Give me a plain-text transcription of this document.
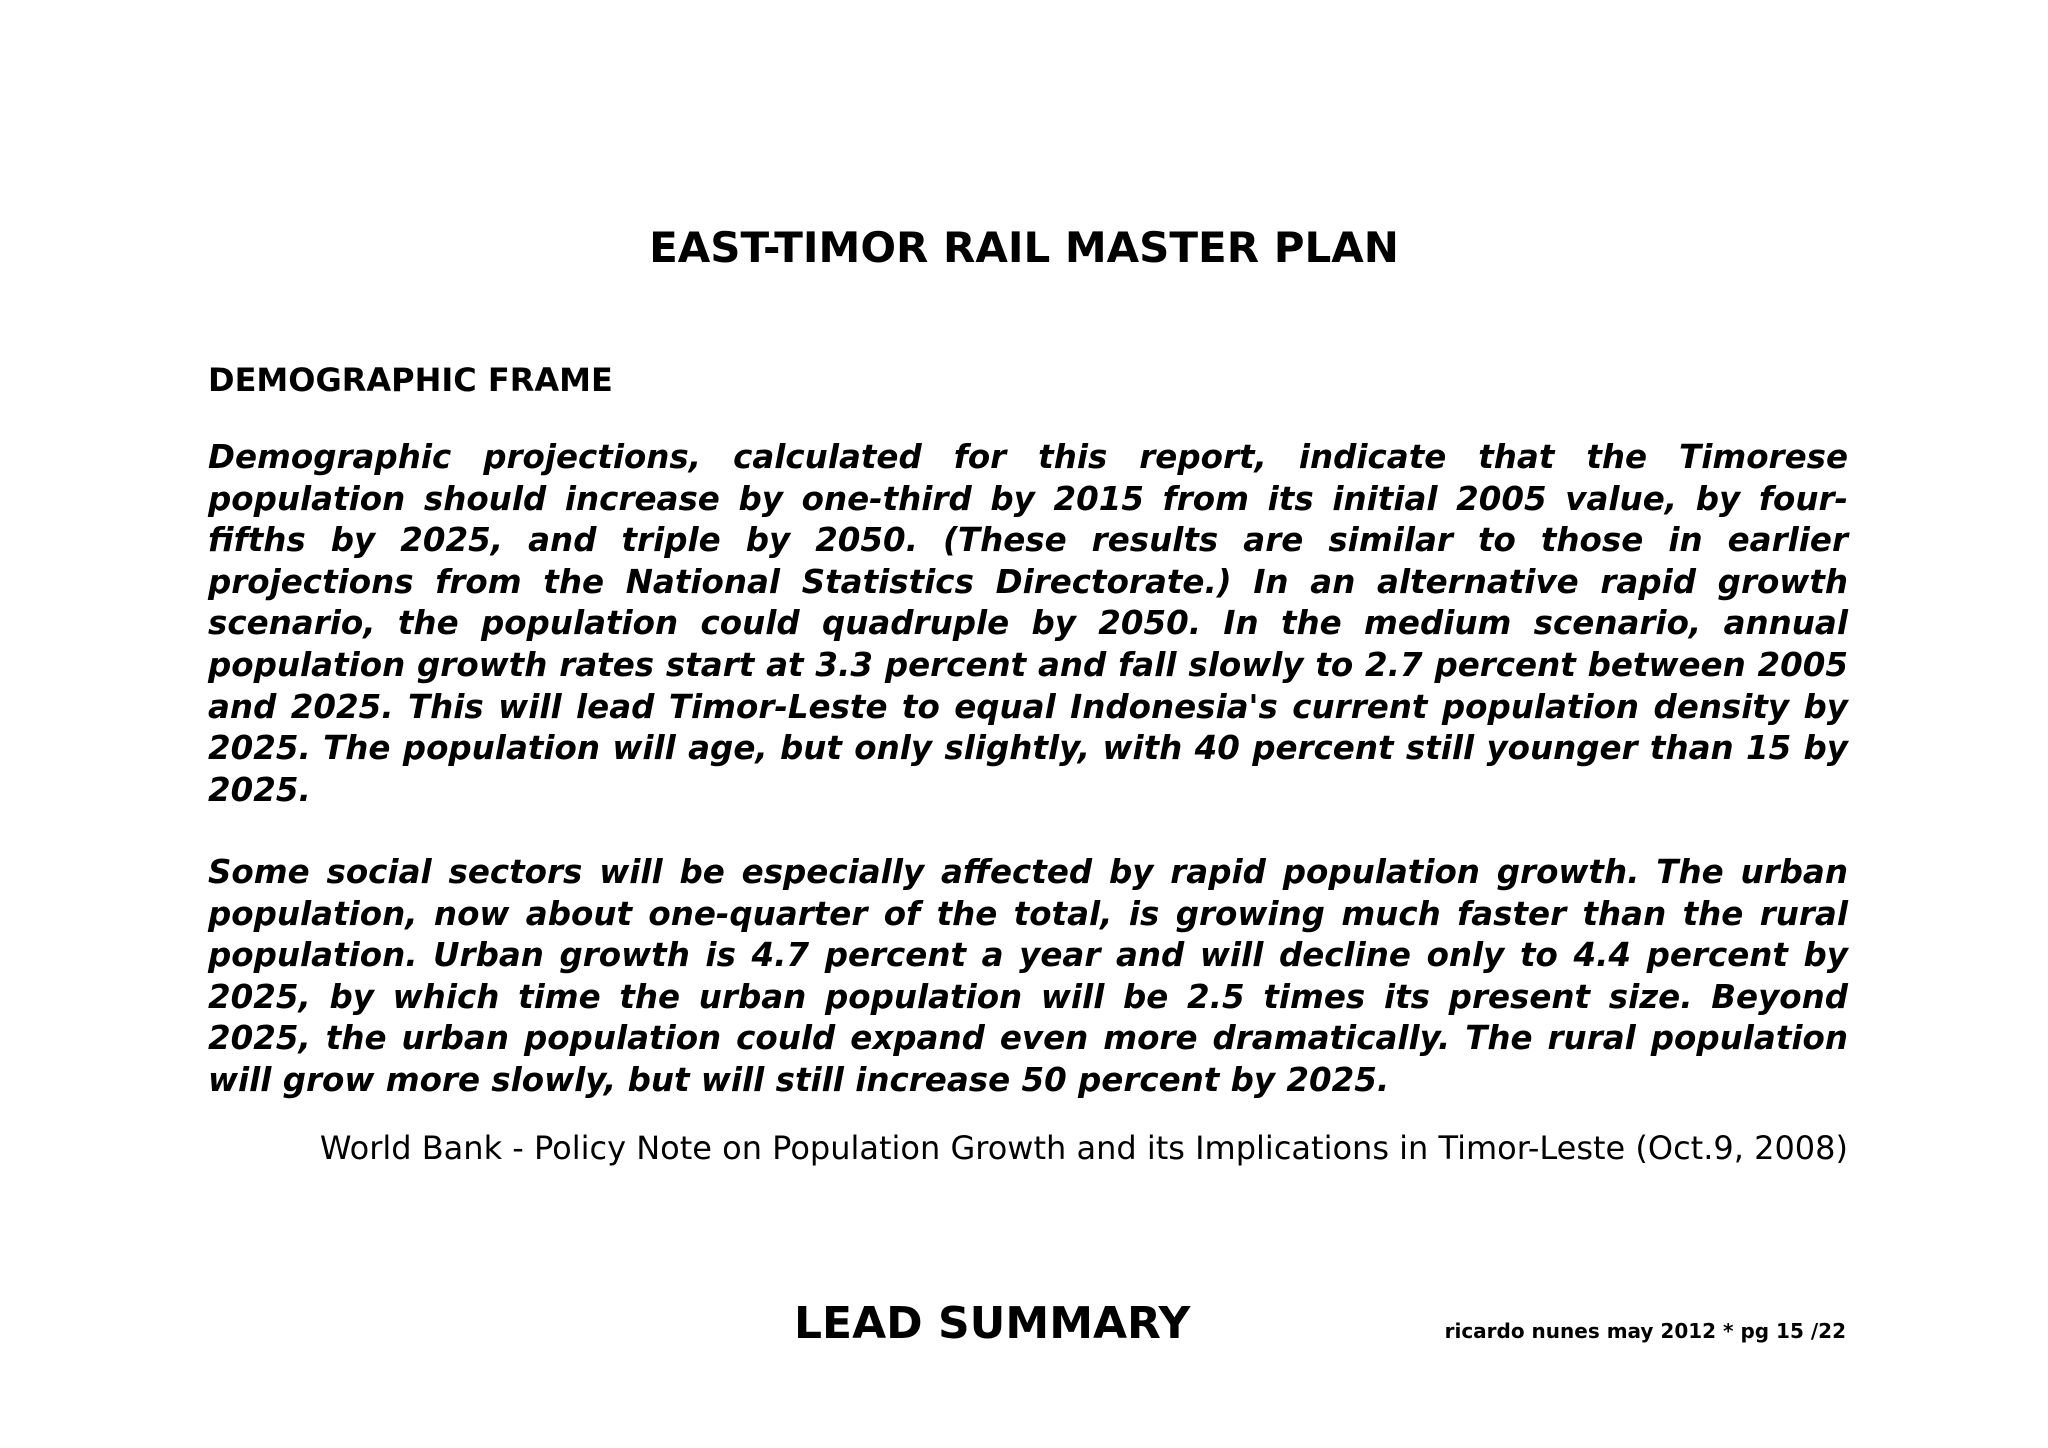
EAST-TIMOR RAIL MASTER PLAN
DEMOGRAPHIC FRAME

Demographic projections, calculated for this report, indicate that the Timorese population should increase by one-third by 2015 from its initial 2005 value, by four-fifths by 2025, and triple by 2050. (These results are similar to those in earlier projections from the National Statistics Directorate.) In an alternative rapid growth scenario, the population could quadruple by 2050. In the medium scenario, annual population growth rates start at 3.3 percent and fall slowly to 2.7 percent between 2005 and 2025. This will lead Timor-Leste to equal Indonesia's current population density by 2025. The population will age, but only slightly, with 40 percent still younger than 15 by 2025.

Some social sectors will be especially affected by rapid population growth. The urban population, now about one-quarter of the total, is growing much faster than the rural population. Urban growth is 4.7 percent a year and will decline only to 4.4 percent by 2025, by which time the urban population will be 2.5 times its present size. Beyond 2025, the urban population could expand even more dramatically. The rural population will grow more slowly, but will still increase 50 percent by 2025.

World Bank - Policy Note on Population Growth and its Implications in Timor-Leste (Oct.9, 2008)

LEAD SUMMARY	ricardo nunes may 2012 * pg 15 /22
